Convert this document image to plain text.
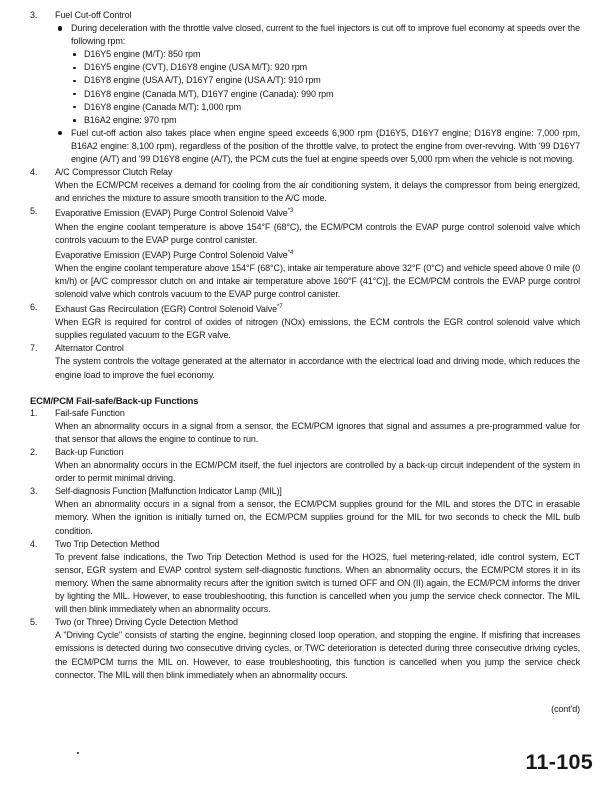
3.	Fuel Cut-off Control
During deceleration with the throttle valve closed, current to the fuel injectors is cut off to improve fuel economy at speeds over the following rpm:
D16Y5 engine (M/T): 850 rpm
D16Y5 engine (CVT), D16Y8 engine (USA M/T): 920 rpm
D16Y8 engine (USA A/T), D16Y7 engine (USA A/T): 910 rpm
D16Y8 engine (Canada M/T), D16Y7 engine (Canada): 990 rpm
D16Y8 engine (Canada M/T): 1,000 rpm
B16A2 engine: 970 rpm
Fuel cut-off action also takes place when engine speed exceeds 6,900 rpm (D16Y5, D16Y7 engine; D16Y8 engine: 7,000 rpm, B16A2 engine: 8,100 rpm), regardless of the position of the throttle valve, to protect the engine from over-revving. With '99 D16Y7 engine (A/T) and '99 D16Y8 engine (A/T), the PCM cuts the fuel at engine speeds over 5,000 rpm when the vehicle is not moving.
4.	A/C Compressor Clutch Relay
When the ECM/PCM receives a demand for cooling from the air conditioning system, it delays the compressor from being energized, and enriches the mixture to assure smooth transition to the A/C mode.
5.	Evaporative Emission (EVAP) Purge Control Solenoid Valve$^{*3}$
When the engine coolant temperature is above 154°F (68°C), the ECM/PCM controls the EVAP purge control solenoid valve which controls vacuum to the EVAP purge control canister.
Evaporative Emission (EVAP) Purge Control Solenoid Valve$^{*4}$
When the engine coolant temperature above 154°F (68°C), intake air temperature above 32°F (0°C) and vehicle speed above 0 mile (0 km/h) or [A/C compressor clutch on and intake air temperature above 160°F (41°C)], the ECM/PCM controls the EVAP purge control solenoid valve which controls vacuum to the EVAP purge control canister.
6.	Exhaust Gas Recirculation (EGR) Control Solenoid Valve$^{*7}$
When EGR is required for control of oxides of nitrogen (NOx) emissions, the ECM controls the EGR control solenoid valve which supplies regulated vacuum to the EGR valve.
7.	Alternator Control
The system controls the voltage generated at the alternator in accordance with the electrical load and driving mode, which reduces the engine load to improve the fuel economy.
ECM/PCM Fail-safe/Back-up Functions
1.	Fail-safe Function
When an abnormality occurs in a signal from a sensor, the ECM/PCM ignores that signal and assumes a pre-programmed value for that sensor that allows the engine to continue to run.
2.	Back-up Function
When an abnormality occurs in the ECM/PCM itself, the fuel injectors are controlled by a back-up circuit independent of the system in order to permit minimal driving.
3.	Self-diagnosis Function [Malfunction Indicator Lamp (MIL)]
When an abnormality occurs in a signal from a sensor, the ECM/PCM supplies ground for the MIL and stores the DTC in erasable memory. When the ignition is initially turned on, the ECM/PCM supplies ground for the MIL for two seconds to check the MIL bulb condition.
4.	Two Trip Detection Method
To prevent false indications, the Two Trip Detection Method is used for the HO2S, fuel metering-related, idle control system, ECT sensor, EGR system and EVAP control system self-diagnostic functions. When an abnormality occurs, the ECM/PCM stores it in its memory. When the same abnormality recurs after the ignition switch is turned OFF and ON (II) again, the ECM/PCM informs the driver by lighting the MIL. However, to ease troubleshooting, this function is cancelled when you jump the service check connector. The MIL will then blink immediately when an abnormality occurs.
5.	Two (or Three) Driving Cycle Detection Method
A "Driving Cycle" consists of starting the engine, beginning closed loop operation, and stopping the engine. If misfiring that increases emissions is detected during two consecutive driving cycles, or TWC deterioration is detected during three consecutive driving cycles, the ECM/PCM turns the MIL on. However, to ease troubleshooting, this function is cancelled when you jump the service check connector. The MIL will then blink immediately when an abnormality occurs.
(cont'd)
11-105
